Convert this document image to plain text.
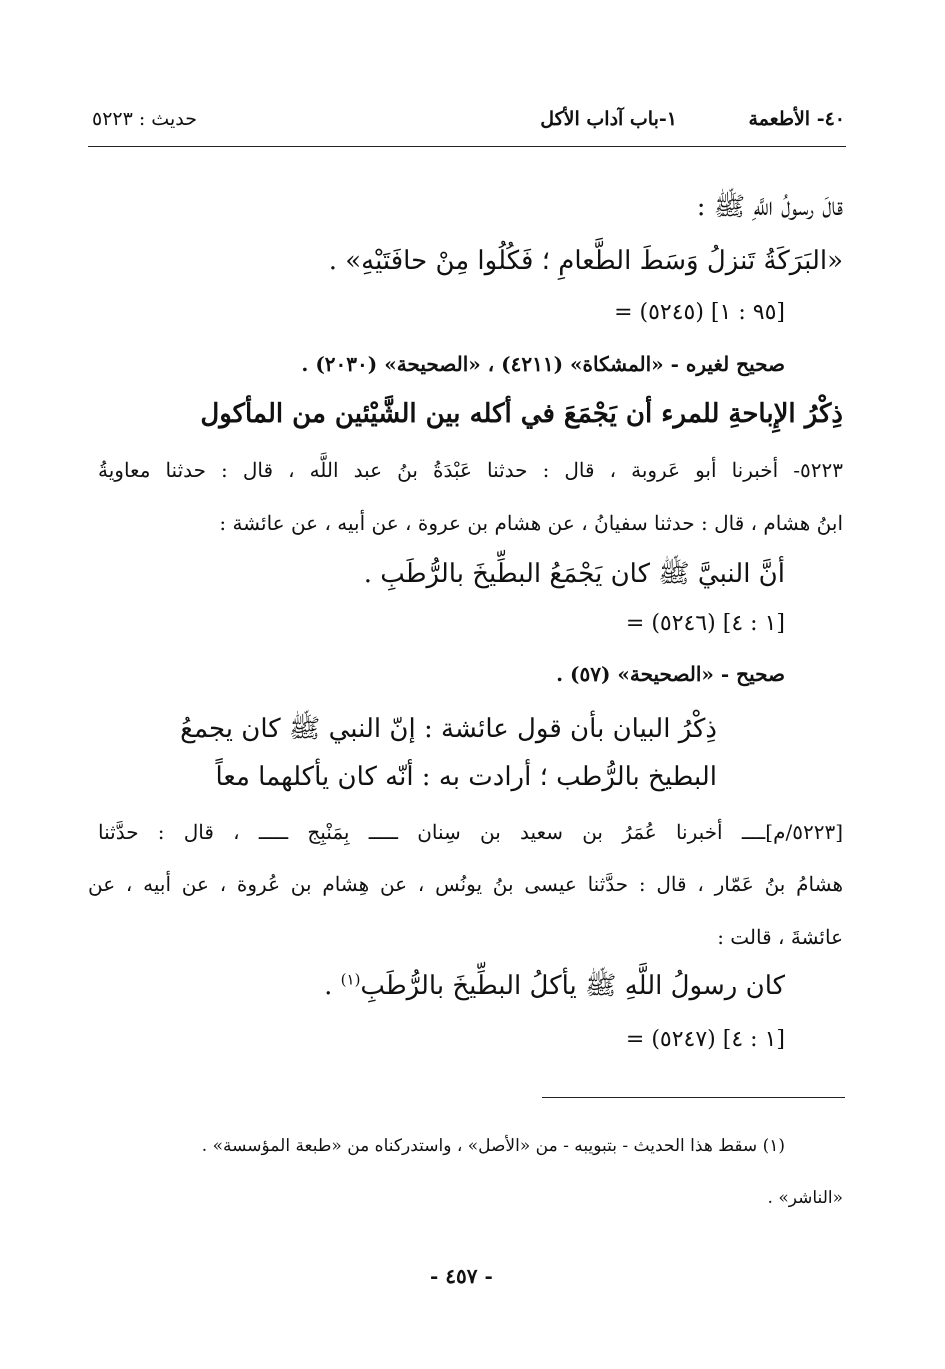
٤٠- الأطعمة
١-باب آداب الأكل
حديث : ٥٢٢٣
قالَ رسولُ اللَّهِ ﷺ :
«البَرَكَةُ تَنزلُ وَسَطَ الطَّعامِ ؛ فَكُلُوا مِنْ حافَتَيْهِ» .
[٩٥ : ١] (٥٢٤٥) =
صحيح لغيره - «المشكاة» (٤٢١١) ، «الصحيحة» (٢٠٣٠) .
ذِكْرُ الإِباحةِ للمرء أن يَجْمَعَ في أكله بين الشَّيْئين من المأكول
٥٢٢٣- أخبرنا أبو عَروبة ، قال : حدثنا عَبْدَةُ بنُ عبد اللَّه ، قال : حدثنا معاويةُ
ابنُ هشام ، قال : حدثنا سفيانُ ، عن هشام بن عروة ، عن أبيه ، عن عائشة :
أنَّ النبيَّ ﷺ كان يَجْمَعُ البطِّيخَ بالرُّطَبِ .
[١ : ٤] (٥٢٤٦) =
صحيح - «الصحيحة» (٥٧) .
ذِكْرُ البيان بأن قول عائشة : إنّ النبي ﷺ كان يجمعُ
البطيخ بالرُّطب ؛ أرادت به : أنّه كان يأكلهما معاً
[٥٢٢٣/م]ــــ أخبرنا عُمَرُ بن سعيد بن سِنان ـــــ بِمَنْبِج ـــــ ، قال : حدَّثنا
هشامُ بنُ عَمّار ، قال : حدَّثنا عيسى بنُ يونُس ، عن هِشام بن عُروة ، عن أبيه ، عن
عائشةَ ، قالت :
كان رسولُ اللَّهِ ﷺ يأكلُ البطِّيخَ بالرُّطَبِ$^{(١)}$ .
[١ : ٤] (٥٢٤٧) =
(١) سقط هذا الحديث - بتبويبه - من «الأصل» ، واستدركناه من «طبعة المؤسسة» .
«الناشر» .
- ٤٥٧ -
